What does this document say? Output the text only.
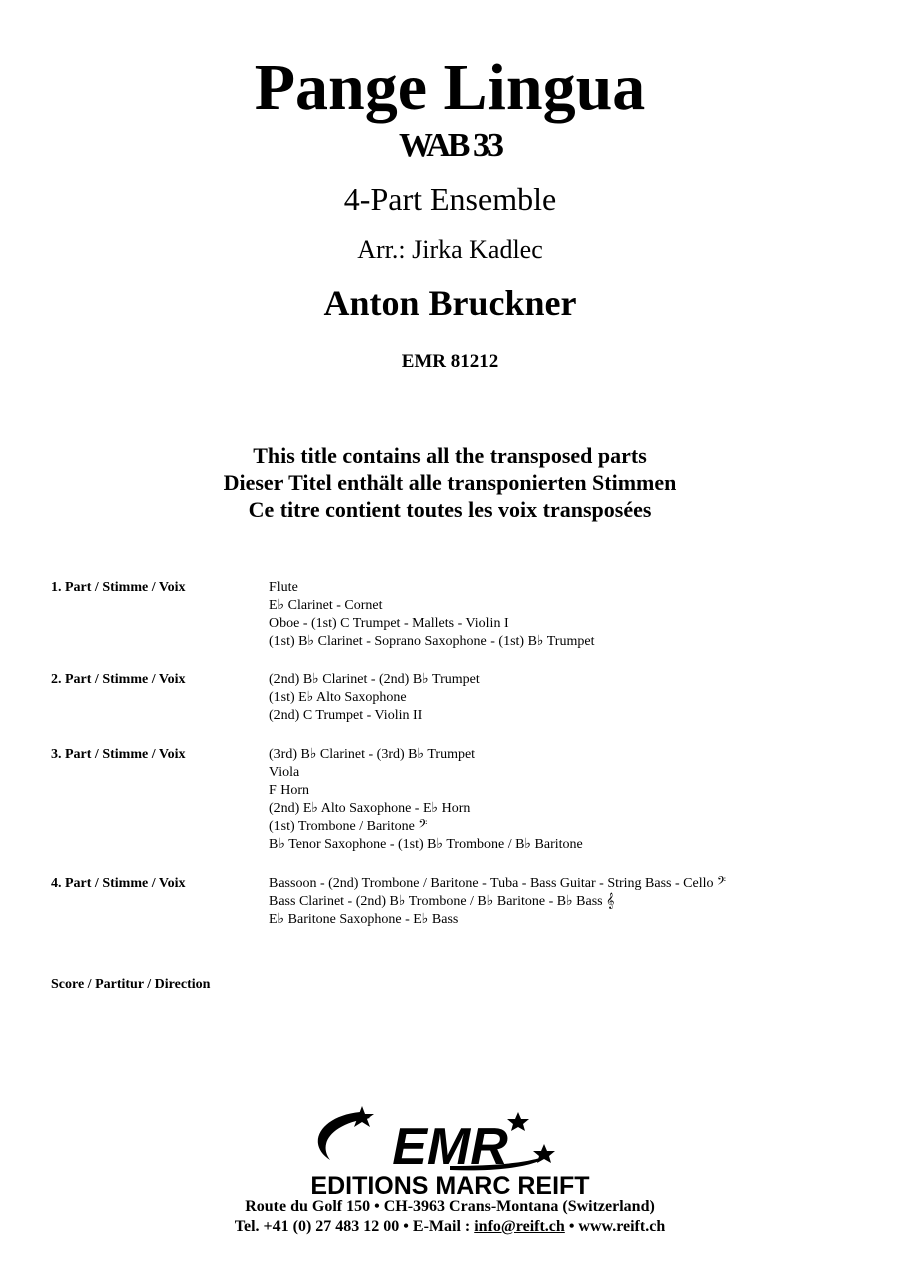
Pange Lingua
WAB 33
4-Part Ensemble
Arr.: Jirka Kadlec
Anton Bruckner
EMR 81212
This title contains all the transposed parts
Dieser Titel enthält alle transponierten Stimmen
Ce titre contient toutes les voix transposées
1. Part / Stimme / Voix	Flute
E♭ Clarinet - Cornet
Oboe - (1st) C Trumpet - Mallets - Violin I
(1st) B♭ Clarinet - Soprano Saxophone - (1st) B♭ Trumpet
2. Part / Stimme / Voix	(2nd) B♭ Clarinet - (2nd) B♭ Trumpet
(1st) E♭ Alto Saxophone
(2nd) C Trumpet - Violin II
3. Part / Stimme / Voix	(3rd) B♭ Clarinet - (3rd) B♭ Trumpet
Viola
F Horn
(2nd) E♭ Alto Saxophone - E♭ Horn
(1st) Trombone / Baritone 𝄢
B♭ Tenor Saxophone - (1st) B♭ Trombone / B♭ Baritone
4. Part / Stimme / Voix	Bassoon - (2nd) Trombone / Baritone - Tuba - Bass Guitar - String Bass - Cello 𝄢
Bass Clarinet - (2nd) B♭ Trombone / B♭ Baritone - B♭ Bass 𝄞
E♭ Baritone Saxophone - E♭ Bass
Score / Partitur / Direction
EMR
EDITIONS MARC REIFT
Route du Golf 150 • CH-3963 Crans-Montana (Switzerland)
Tel. +41 (0) 27 483 12 00 • E-Mail : info@reift.ch • www.reift.ch
